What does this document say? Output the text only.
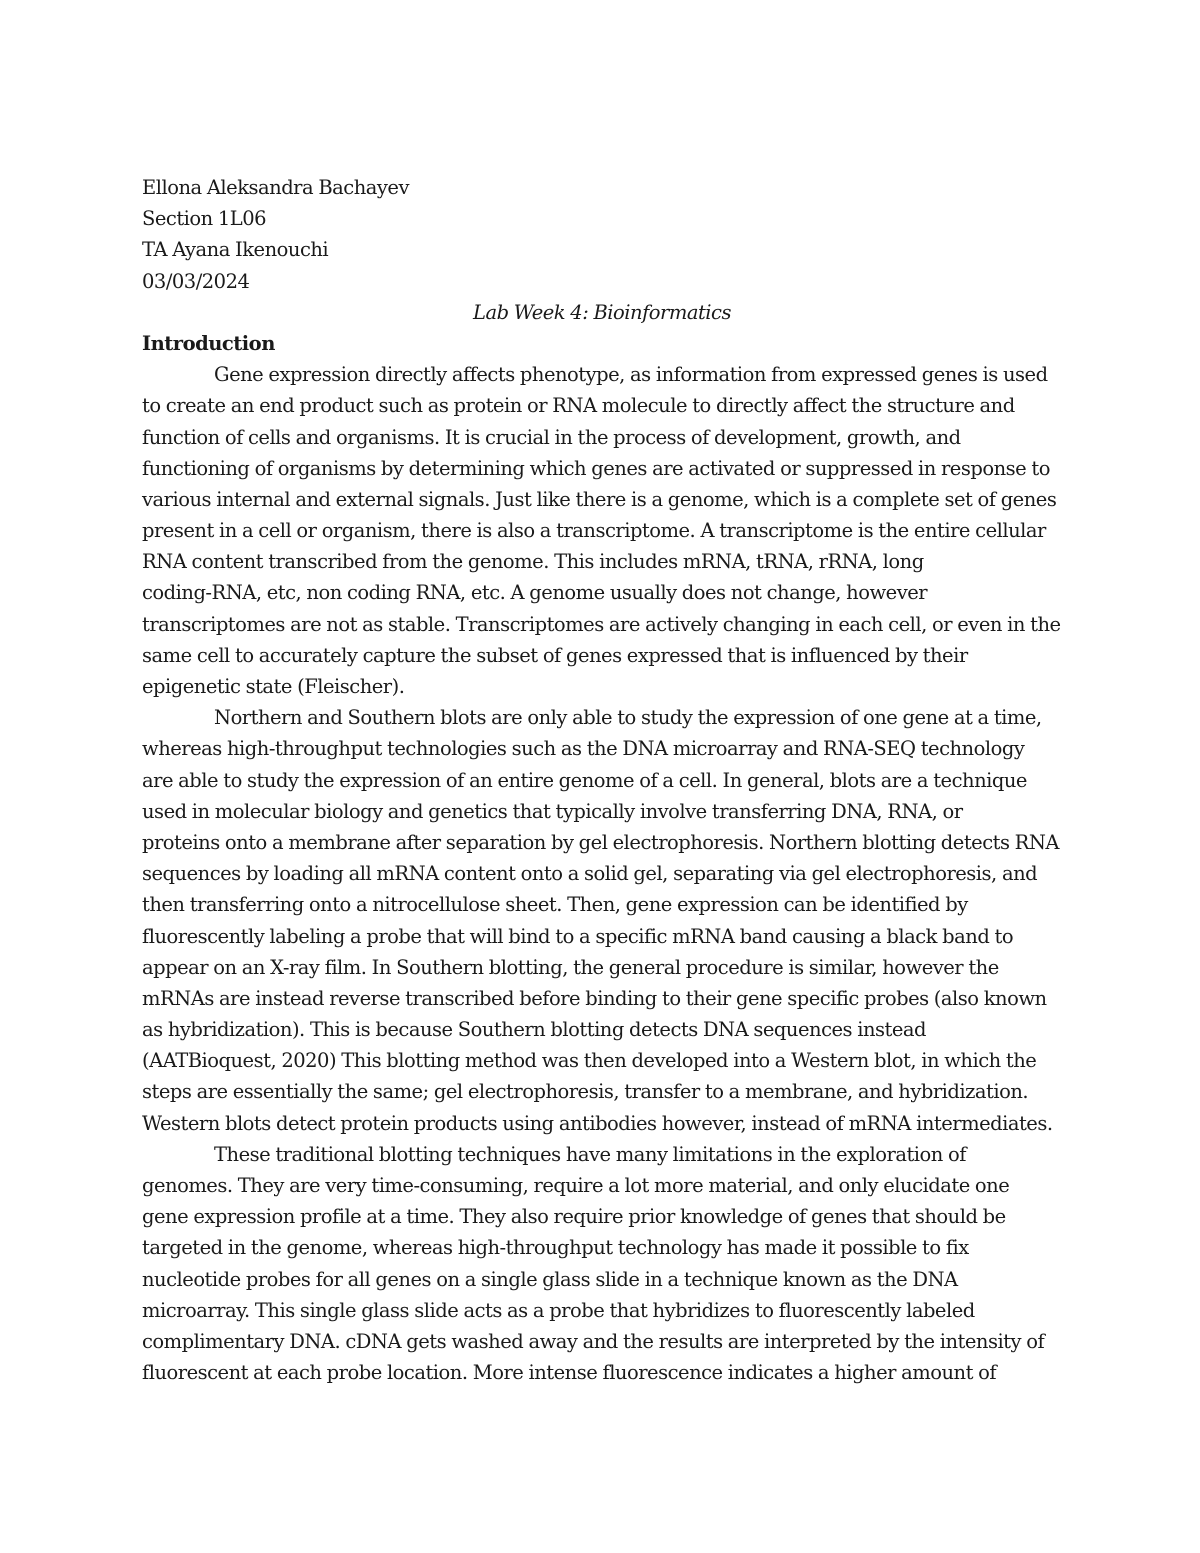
Ellona Aleksandra Bachayev
Section 1L06
TA Ayana Ikenouchi
03/03/2024
Lab Week 4: Bioinformatics
Introduction
Gene expression directly affects phenotype, as information from expressed genes is used
to create an end product such as protein or RNA molecule to directly affect the structure and
function of cells and organisms. It is crucial in the process of development, growth, and
functioning of organisms by determining which genes are activated or suppressed in response to
various internal and external signals. Just like there is a genome, which is a complete set of genes
present in a cell or organism, there is also a transcriptome. A transcriptome is the entire cellular
RNA content transcribed from the genome. This includes mRNA, tRNA, rRNA, long
coding-RNA, etc, non coding RNA, etc. A genome usually does not change, however
transcriptomes are not as stable. Transcriptomes are actively changing in each cell, or even in the
same cell to accurately capture the subset of genes expressed that is influenced by their
epigenetic state (Fleischer).
Northern and Southern blots are only able to study the expression of one gene at a time,
whereas high-throughput technologies such as the DNA microarray and RNA-SEQ technology
are able to study the expression of an entire genome of a cell. In general, blots are a technique
used in molecular biology and genetics that typically involve transferring DNA, RNA, or
proteins onto a membrane after separation by gel electrophoresis. Northern blotting detects RNA
sequences by loading all mRNA content onto a solid gel, separating via gel electrophoresis, and
then transferring onto a nitrocellulose sheet. Then, gene expression can be identified by
fluorescently labeling a probe that will bind to a specific mRNA band causing a black band to
appear on an X-ray film. In Southern blotting, the general procedure is similar, however the
mRNAs are instead reverse transcribed before binding to their gene specific probes (also known
as hybridization). This is because Southern blotting detects DNA sequences instead
(AATBioquest, 2020) This blotting method was then developed into a Western blot, in which the
steps are essentially the same; gel electrophoresis, transfer to a membrane, and hybridization.
Western blots detect protein products using antibodies however, instead of mRNA intermediates.
These traditional blotting techniques have many limitations in the exploration of
genomes. They are very time-consuming, require a lot more material, and only elucidate one
gene expression profile at a time. They also require prior knowledge of genes that should be
targeted in the genome, whereas high-throughput technology has made it possible to fix
nucleotide probes for all genes on a single glass slide in a technique known as the DNA
microarray. This single glass slide acts as a probe that hybridizes to fluorescently labeled
complimentary DNA. cDNA gets washed away and the results are interpreted by the intensity of
fluorescent at each probe location. More intense fluorescence indicates a higher amount of
